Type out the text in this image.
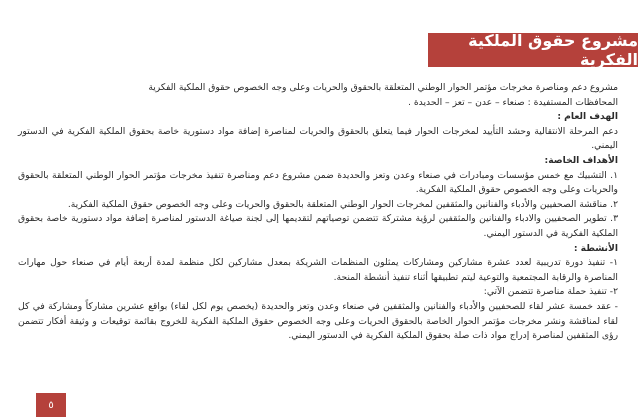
مشروع حقوق الملكية الفكرية

مشروع دعم ومناصرة مخرجات مؤتمر الحوار الوطني المتعلقة بالحقوق والحريات وعلى وجه الخصوص حقوق الملكية الفكرية

المحافظات المستفيدة : صنعاء – عدن – تعز – الحديدة .

الهدف العام :

دعم المرحلة الانتقالية وحشد التأييد لمخرجات الحوار فيما يتعلق بالحقوق والحريات لمناصرة إضافة مواد دستورية خاصة بحقوق الملكية الفكرية في الدستور اليمني.

الأهداف الخاصة:

١. التشبيك مع خمس مؤسسات ومبادرات في صنعاء وعدن وتعز والحديدة ضمن مشروع دعم ومناصرة تنفيذ مخرجات مؤتمر الحوار الوطني المتعلقة بالحقوق والحريات وعلى وجه الخصوص حقوق الملكية الفكرية.

٢. مناقشة الصحفيين والأدباء والفنانين والمثقفين لمخرجات الحوار الوطني المتعلقة بالحقوق والحريات وعلى وجه الخصوص حقوق الملكية الفكرية.

٣. تطوير الصحفيين والادباء والفنانين والمثقفين لرؤية مشتركة تتضمن توصياتهم لتقديمها إلى لجنة صياغة الدستور لمناصرة إضافة مواد دستورية خاصة بحقوق الملكية الفكرية في الدستور اليمني.

الأنشطة :

١- تنفيذ دورة تدريبية لعدد عشرة مشاركين ومشاركات يمثلون المنظمات الشريكة بمعدل مشاركين لكل منظمة لمدة أربعة أيام في صنعاء حول مهارات المناصرة والرقابة المجتمعية والتوعية ليتم تطبيقها أثناء تنفيذ أنشطة المنحة.

٢- تنفيذ حملة مناصرة تتضمن الآتي:

- عقد خمسة عشر لقاء للصحفيين والأدباء والفنانين والمثقفين في صنعاء وعدن وتعز والحديدة (يخصص يوم لكل لقاء) بواقع عشرين مشاركاً ومشاركة في كل لقاء لمناقشة ونشر مخرجات مؤتمر الحوار الخاصة بالحقوق الحريات وعلى وجه الخصوص حقوق الملكية الفكرية للخروج بقائمة توقيعات و وثيقة أفكار تتضمن رؤى المثقفين لمناصرة إدراج مواد ذات صلة بحقوق الملكية الفكرية في الدستور اليمني.

٥
